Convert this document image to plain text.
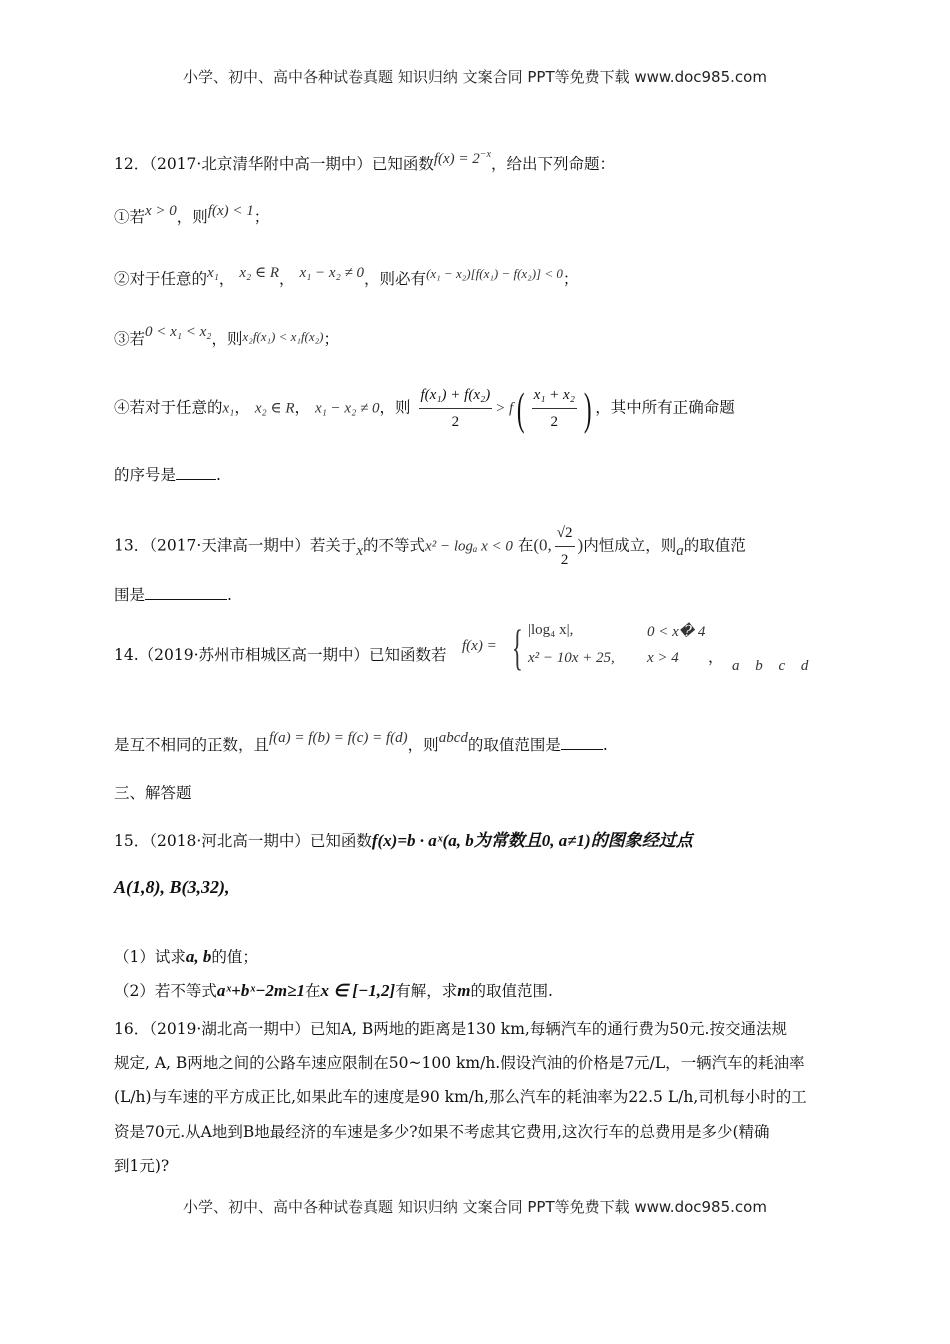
小学、初中、高中各种试卷真题 知识归纳 文案合同 PPT等免费下载 www.doc985.com
12．（2017·北京清华附中高一期中）已知函数$f(x) = 2^{-x}$，给出下列命题：
①若x > 0，则f(x) < 1；
②对于任意的x₁， x₂ ∈ R， x₁ − x₂ ≠ 0，则必有$^{(x_1 - x_2)[f(x_1) - f(x_2)] < 0}$；
③若0 < x₁ < x₂，则x₂f(x₁) < x₁f(x₂)；
④若对于任意的x₁， x₂ ∈ R， x₁ − x₂ ≠ 0，则 $\frac{\text{f(x₁) + f(x₂)}}{2} > f( \frac{\text{x₁ + x₂}}{2}$ ) ，其中所有正确命题
的序号是	.
13．（2017·天津高一期中）若关于x的不等式x² − logₐ x < 0 在(0, $\frac{√2}{2}$ )内恒成立，则a的取值范
围是	.
14.（2019·苏州市相城区高一期中）已知函数若 f(x) = { |log₄ x|,	0 < x� 4
x² − 10x + 25, x > 4 ， a b c d
是互不相同的正数，且f(a) = f(b) = f(c) = f(d)，则abcd的取值范围是	.
三、解答题
15．（2018·河北高一期中）已知函数f(x)=b · aˣ(a, b为常数且0, a≠1)的图象经过点
A(1,8), B(3,32),
（1）试求a, b的值；
（2）若不等式aˣ+bˣ−2m≥1在x ∈ [−1,2]有解，求m的取值范围.
16．（2019·湖北高一期中）已知A, B两地的距离是130 km,每辆汽车的通行费为50元.按交通法规
规定, A, B两地之间的公路车速应限制在50~100 km/h.假设汽油的价格是7元/L，一辆汽车的耗油率
(L/h)与车速的平方成正比,如果此车的速度是90 km/h,那么汽车的耗油率为22.5 L/h,司机每小时的工
资是70元.从A地到B地最经济的车速是多少?如果不考虑其它费用,这次行车的总费用是多少(精确
到1元)?
小学、初中、高中各种试卷真题 知识归纳 文案合同 PPT等免费下载 www.doc985.com
